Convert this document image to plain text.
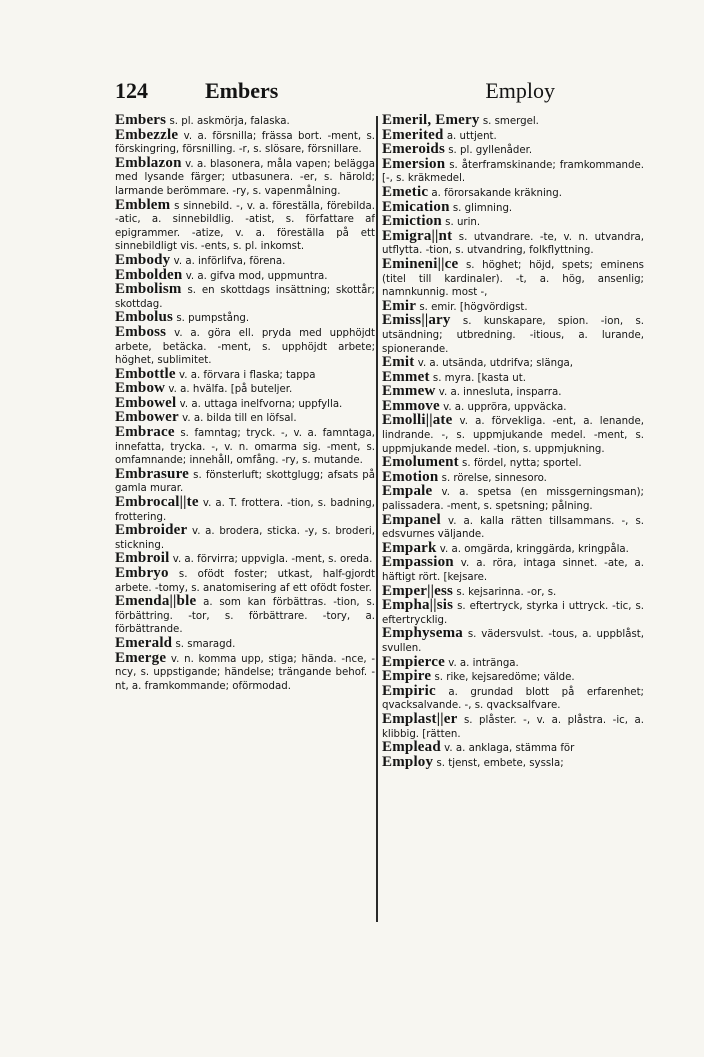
124	Embers	Employ

Embers s. pl. askmörja, falaska.

Embezzle v. a. försnilla; frässa bort. -ment, s. förskingring, försnilling. -r, s. slösare, försnillare.

Emblazon v. a. blasonera, måla vapen; belägga med lysande färger; utbasunera. -er, s. härold; larmande berömmare. -ry, s. vapenmålning.

Emblem s sinnebild. -, v. a. föreställa, förebilda. -atic, a. sinnebildlig. -atist, s. författare af epigrammer. -atize, v. a. föreställa på ett sinnebildligt vis. -ents, s. pl. inkomst.

Embody v. a. införlifva, förena.

Embolden v. a. gifva mod, uppmuntra.

Embolism s. en skottdags insättning; skottår; skottdag.

Embolus s. pumpstång.

Emboss v. a. göra ell. pryda med upphöjdt arbete, betäcka. -ment, s. upphöjdt arbete; höghet, sublimitet.

Embottle v. a. förvara i flaska; tappa

Embow v. a. hvälfa. [på buteljer.

Embowel v. a. uttaga inelfvorna; uppfylla.

Embower v. a. bilda till en löfsal.

Embrace s. famntag; tryck. -, v. a. famntaga, innefatta, trycka. -, v. n. omarma sig. -ment, s. omfamnande; innehåll, omfång. -ry, s. mutande.

Embrasure s. fönsterluft; skottglugg; afsats på gamla murar.

Embrocal||te v. a. T. frottera. -tion, s. badning, frottering.

Embroider v. a. brodera, sticka. -y, s. broderi, stickning.

Embroil v. a. förvirra; uppvigla. -ment, s. oreda.

Embryo s. ofödt foster; utkast, half-gjordt arbete. -tomy, s. anatomisering af ett ofödt foster.

Emenda||ble a. som kan förbättras. -tion, s. förbättring. -tor, s. förbättrare. -tory, a. förbättrande.

Emerald s. smaragd.

Emerge v. n. komma upp, stiga; hända. -nce, -ncy, s. uppstigande; händelse; trängande behof. -nt, a. framkommande; oförmodad.

Emeril, Emery s. smergel.

Emerited a. uttjent.

Emeroids s. pl. gyllenåder.

Emersion s. återframskinande; framkommande. [-, s. kräkmedel.

Emetic a. förorsakande kräkning.

Emication s. glimning.

Emiction s. urin.

Emigra||nt s. utvandrare. -te, v. n. utvandra, utflytta. -tion, s. utvandring, folkflyttning.

Emineni||ce s. höghet; höjd, spets; eminens (titel till kardinaler). -t, a. hög, ansenlig; namnkunnig. most -,

Emir s. emir. [högvördigst.

Emiss||ary s. kunskapare, spion. -ion, s. utsändning; utbredning. -itious, a. lurande, spionerande.

Emit v. a. utsända, utdrifva; slänga,

Emmet s. myra. [kasta ut.

Emmew v. a. inneslutа, insparra.

Emmove v. a. uppröra, uppväcka.

Emolli||ate v. a. förvekliga. -ent, a. lenande, lindrande. -, s. uppmjukande medel. -ment, s. uppmjukande medel. -tion, s. uppmjukning.

Emolument s. fördel, nytta; sportel.

Emotion s. rörelse, sinnesoro.

Empale v. a. spetsa (en missgerningsman); palissadera. -ment, s. spetsning; pålning.

Empanel v. a. kalla rätten tillsammans. -, s. edsvurnes väljande.

Empark v. a. omgärda, kringgärda, kringpåla.

Empassion v. a. röra, intaga sinnet. -ate, a. häftigt rört. [kejsare.

Emper||ess s. kejsarinna. -or, s.

Empha||sis s. eftertryck, styrka i uttryck. -tic, s. eftertrycklig.

Emphysema s. vädersvulst. -tous, a. uppblåst, svullen.

Empierce v. a. intränga.

Empire s. rike, kejsaredöme; välde.

Empiric a. grundad blott på erfarenhet; qvacksalvande. -, s. qvacksalfvare.

Emplast||er s. plåster. -, v. a. plåstra. -ic, a. klibbig. [rätten.

Emplead v. a. anklaga, stämma för

Employ s. tjenst, embete, sysslа;
